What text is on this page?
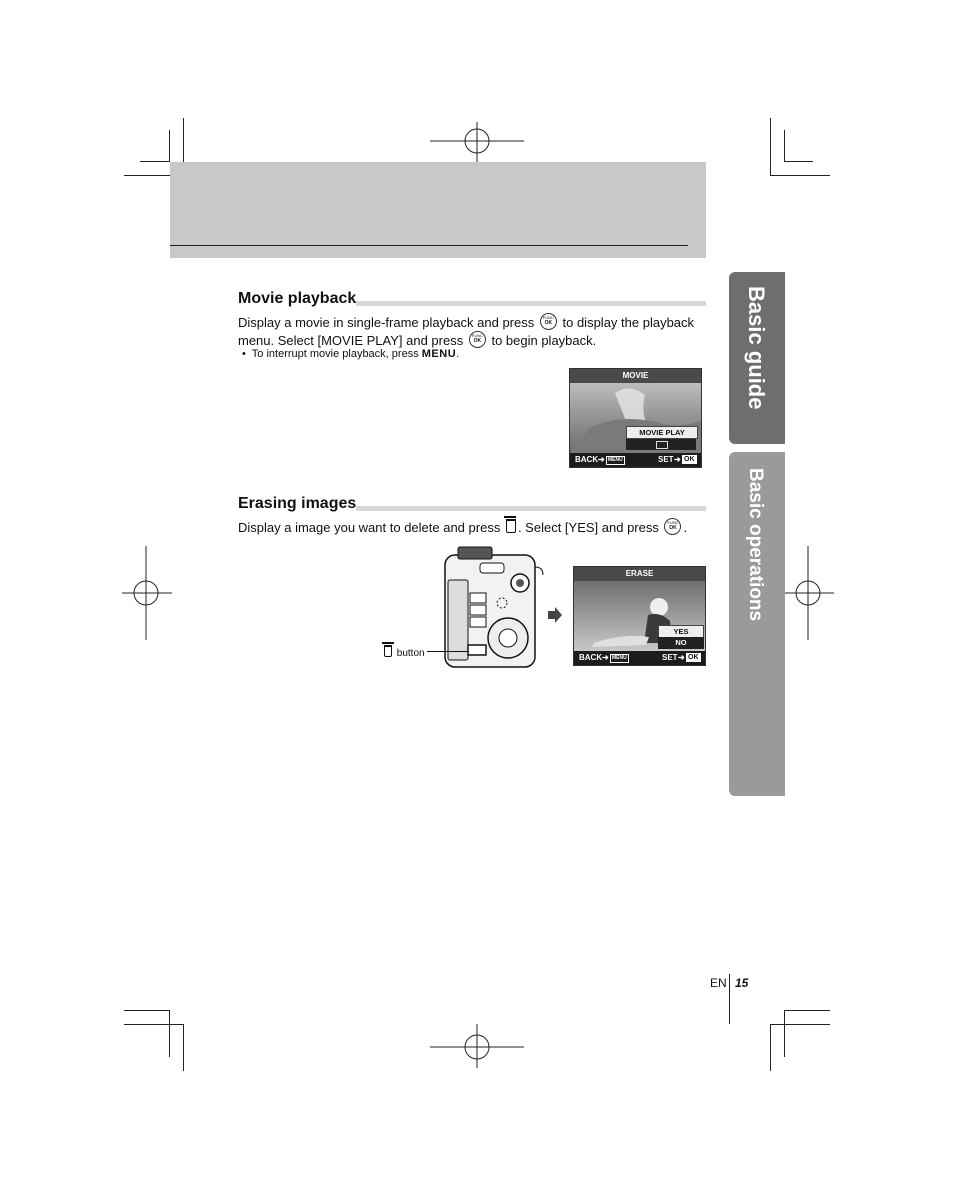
Basic guide
Basic operations
Movie playback
Display a movie in single-frame playback and press FUNC OK to display the playback
menu. Select [MOVIE PLAY] and press FUNC OK to begin playback.
• To interrupt movie playback, press MENU.
MOVIE
MOVIE PLAY
BACK ➜ MENU	SET ➜ OK
Erasing images
Display a image you want to delete and press . Select [YES] and press FUNC OK .
button
ERASE
YES
NO
BACK ➜ MENU	SET ➜ OK
EN 15
